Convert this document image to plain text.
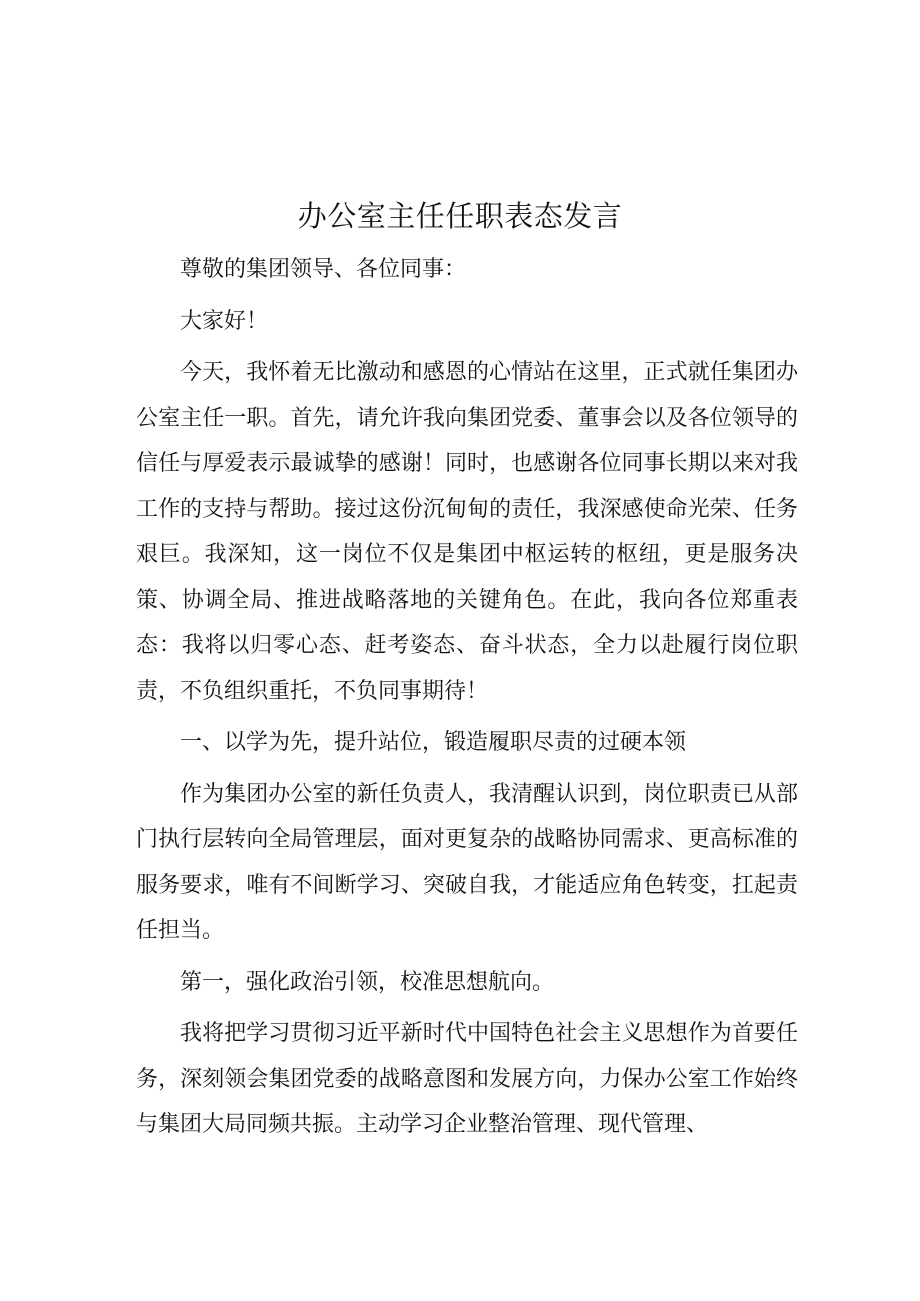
办公室主任任职表态发言

尊敬的集团领导、各位同事：

大家好！

今天，我怀着无比激动和感恩的心情站在这里，正式就任集团办公室主任一职。首先，请允许我向集团党委、董事会以及各位领导的信任与厚爱表示最诚挚的感谢！同时，也感谢各位同事长期以来对我工作的支持与帮助。接过这份沉甸甸的责任，我深感使命光荣、任务艰巨。我深知，这一岗位不仅是集团中枢运转的枢纽，更是服务决策、协调全局、推进战略落地的关键角色。在此，我向各位郑重表态：我将以归零心态、赶考姿态、奋斗状态，全力以赴履行岗位职责，不负组织重托，不负同事期待！

一、以学为先，提升站位，锻造履职尽责的过硬本领

作为集团办公室的新任负责人，我清醒认识到，岗位职责已从部门执行层转向全局管理层，面对更复杂的战略协同需求、更高标准的服务要求，唯有不间断学习、突破自我，才能适应角色转变，扛起责任担当。

第一，强化政治引领，校准思想航向。

我将把学习贯彻习近平新时代中国特色社会主义思想作为首要任务，深刻领会集团党委的战略意图和发展方向，力保办公室工作始终与集团大局同频共振。主动学习企业整治管理、现代管理、
